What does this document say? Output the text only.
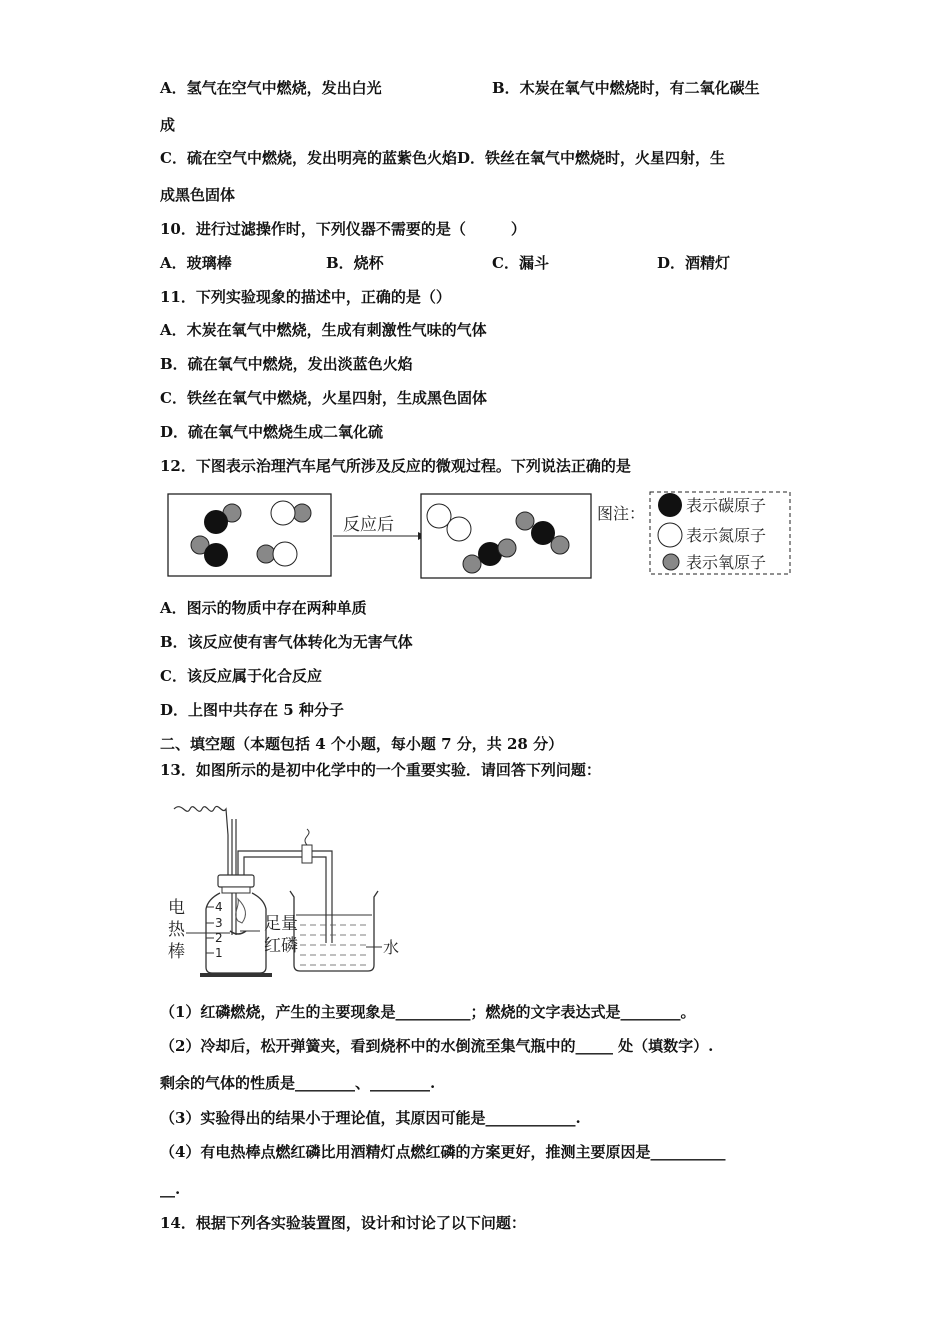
A．氢气在空气中燃烧，发出白光	B．木炭在氧气中燃烧时，有二氧化碳生
成
C．硫在空气中燃烧，发出明亮的蓝紫色火焰D．铁丝在氧气中燃烧时，火星四射，生
成黑色固体
10．进行过滤操作时，下列仪器不需要的是（　　　）
A．玻璃棒	B．烧杯	C．漏斗	D．酒精灯
11．下列实验现象的描述中，正确的是（）
A．木炭在氧气中燃烧，生成有刺激性气味的气体
B．硫在氧气中燃烧，发出淡蓝色火焰
C．铁丝在氧气中燃烧，火星四射，生成黑色固体
D．硫在氧气中燃烧生成二氧化硫
12．下图表示治理汽车尾气所涉及反应的微观过程。下列说法正确的是
反应后
图注：	表示碳原子
表示氮原子
表示氧原子
A．图示的物质中存在两种单质
B．该反应使有害气体转化为无害气体
C．该反应属于化合反应
D．上图中共存在 5 种分子
二、填空题（本题包括 4 个小题，每小题 7 分，共 28 分）
13．如图所示的是初中化学中的一个重要实验．请回答下列问题：
4
3
2
1
电
热
棒
足量
红磷	水
（1）红磷燃烧，产生的主要现象是__________；燃烧的文字表达式是________。
（2）冷却后，松开弹簧夹，看到烧杯中的水倒流至集气瓶中的_____ 处（填数字）.
剩余的气体的性质是________、________.
（3）实验得出的结果小于理论值，其原因可能是____________.
（4）有电热棒点燃红磷比用酒精灯点燃红磷的方案更好，推测主要原因是__________
__.
14．根据下列各实验装置图，设计和讨论了以下问题：
